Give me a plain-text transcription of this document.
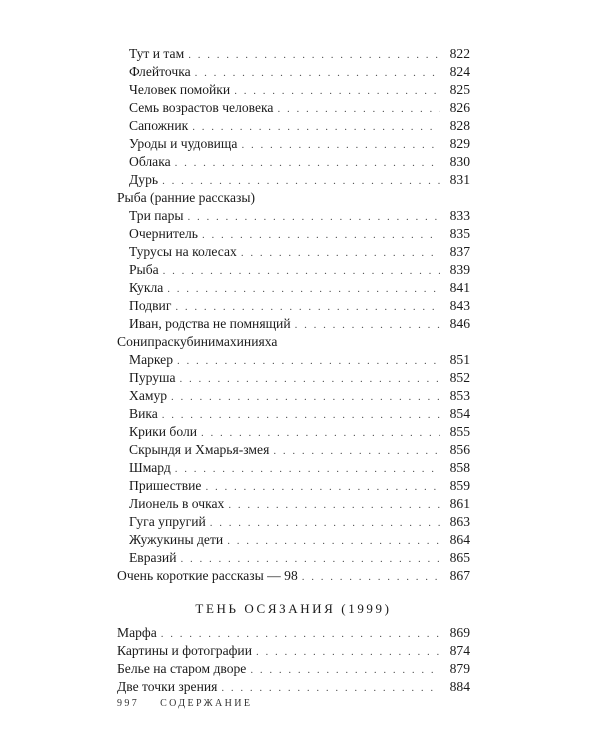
Тут и там . . .	822
Флейточка . . .	824
Человек помойки . . .	825
Семь возрастов человека . . .	826
Сапожник . . .	828
Уроды и чудовища . . .	829
Облака . . .	830
Дурь . . .	831
Рыба (ранние рассказы)
Три пары . . .	833
Очернитель . . .	835
Турусы на колесах . . .	837
Рыба . . .	839
Кукла . . .	841
Подвиг . . .	843
Иван, родства не помнящий . . .	846
Сонипраскубинимахинияха
Маркер . . .	851
Пуруша . . .	852
Хамур . . .	853
Вика . . .	854
Крики боли . . .	855
Скрындя и Хмарья-змея . . .	856
Шмард . . .	858
Пришествие . . .	859
Лионель в очках . . .	861
Гуга упругий . . .	863
Жужукины дети . . .	864
Евразий . . .	865
Очень короткие рассказы — 98 . . .	867
ТЕНЬ ОСЯЗАНИЯ (1999)
Марфа . . .	869
Картины и фотографии . . .	874
Белье на старом дворе . . .	879
Две точки зрения . . .	884
997 СОДЕРЖАНИЕ
